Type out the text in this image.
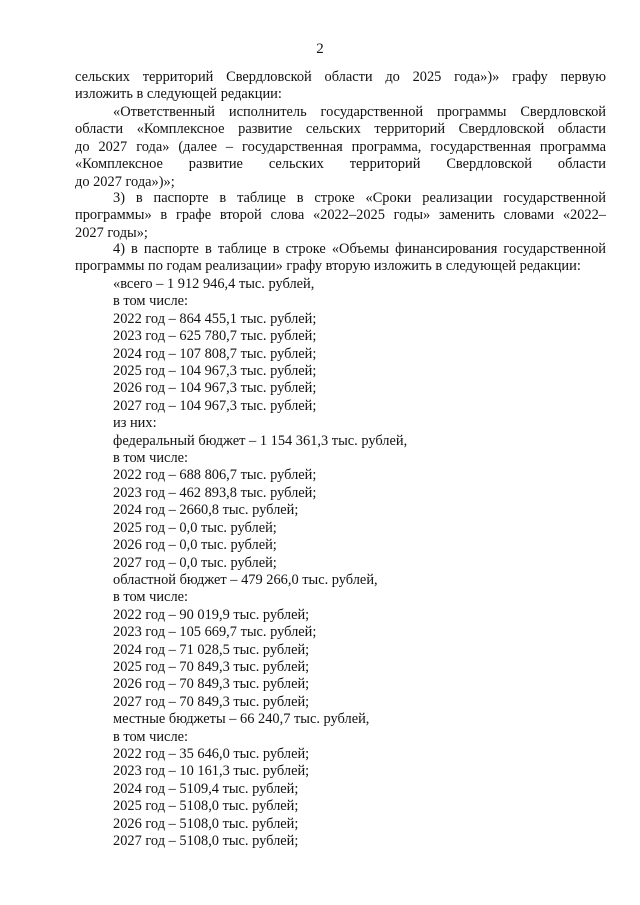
2
сельских территорий Свердловской области до 2025 года»)» графу первую
изложить в следующей редакции:
«Ответственный исполнитель государственной программы Свердловской
области «Комплексное развитие сельских территорий Свердловской области
до 2027 года» (далее – государственная программа, государственная программа
«Комплексное развитие сельских территорий Свердловской области
до 2027 года»)»;
3) в паспорте в таблице в строке «Сроки реализации государственной
программы» в графе второй слова «2022–2025 годы» заменить словами «2022–
2027 годы»;
4) в паспорте в таблице в строке «Объемы финансирования государственной
программы по годам реализации» графу вторую изложить в следующей редакции:
«всего – 1 912 946,4 тыс. рублей,
в том числе:
2022 год – 864 455,1 тыс. рублей;
2023 год – 625 780,7 тыс. рублей;
2024 год – 107 808,7 тыс. рублей;
2025 год – 104 967,3 тыс. рублей;
2026 год – 104 967,3 тыс. рублей;
2027 год – 104 967,3 тыс. рублей;
из них:
федеральный бюджет – 1 154 361,3 тыс. рублей,
в том числе:
2022 год – 688 806,7 тыс. рублей;
2023 год – 462 893,8 тыс. рублей;
2024 год – 2660,8 тыс. рублей;
2025 год – 0,0 тыс. рублей;
2026 год – 0,0 тыс. рублей;
2027 год – 0,0 тыс. рублей;
областной бюджет – 479 266,0 тыс. рублей,
в том числе:
2022 год – 90 019,9 тыс. рублей;
2023 год – 105 669,7 тыс. рублей;
2024 год – 71 028,5 тыс. рублей;
2025 год – 70 849,3 тыс. рублей;
2026 год – 70 849,3 тыс. рублей;
2027 год – 70 849,3 тыс. рублей;
местные бюджеты – 66 240,7 тыс. рублей,
в том числе:
2022 год – 35 646,0 тыс. рублей;
2023 год – 10 161,3 тыс. рублей;
2024 год – 5109,4 тыс. рублей;
2025 год – 5108,0 тыс. рублей;
2026 год – 5108,0 тыс. рублей;
2027 год – 5108,0 тыс. рублей;
